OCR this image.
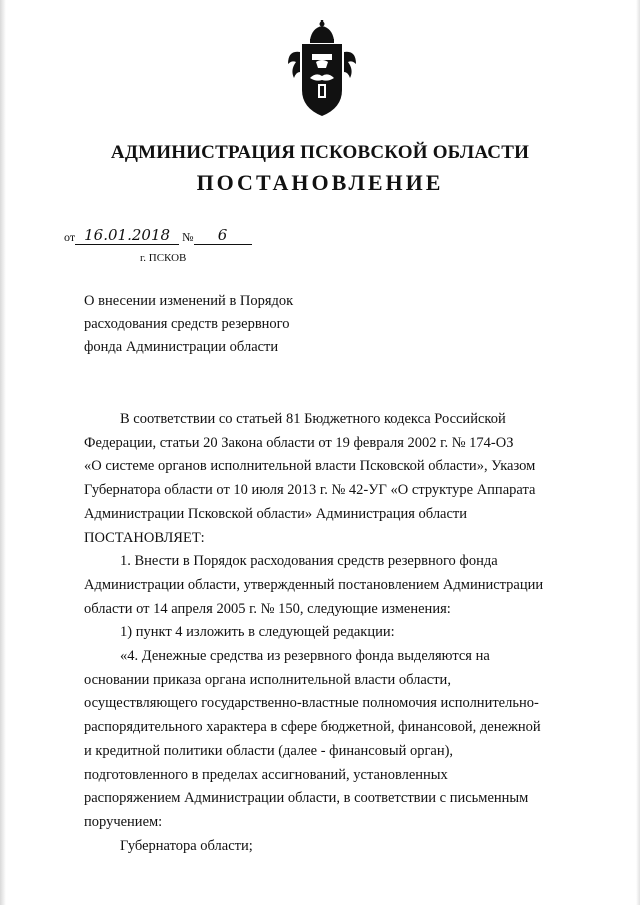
АДМИНИСТРАЦИЯ ПСКОВСКОЙ ОБЛАСТИ
ПОСТАНОВЛЕНИЕ
от 16.01.2018 № 6
г. ПСКОВ
О внесении изменений в Порядок
расходования средств резервного
фонда Администрации области

В соответствии со статьей 81 Бюджетного кодекса Российской

Федерации, статьи 20 Закона области от 19 февраля 2002 г. № 174-ОЗ

«О системе органов исполнительной власти Псковской области», Указом

Губернатора области от 10 июля 2013 г. № 42-УГ «О структуре Аппарата

Администрации Псковской области» Администрация области

ПОСТАНОВЛЯЕТ:

1. Внести в Порядок расходования средств резервного фонда

Администрации области, утвержденный постановлением Администрации

области от 14 апреля 2005 г. № 150, следующие изменения:

1) пункт 4 изложить в следующей редакции:

«4. Денежные средства из резервного фонда выделяются на

основании приказа органа исполнительной власти области,

осуществляющего государственно-властные полномочия исполнительно-

распорядительного характера в сфере бюджетной, финансовой, денежной

и кредитной политики области (далее - финансовый орган),

подготовленного в пределах ассигнований, установленных

распоряжением Администрации области, в соответствии с письменным

поручением:

Губернатора области;
